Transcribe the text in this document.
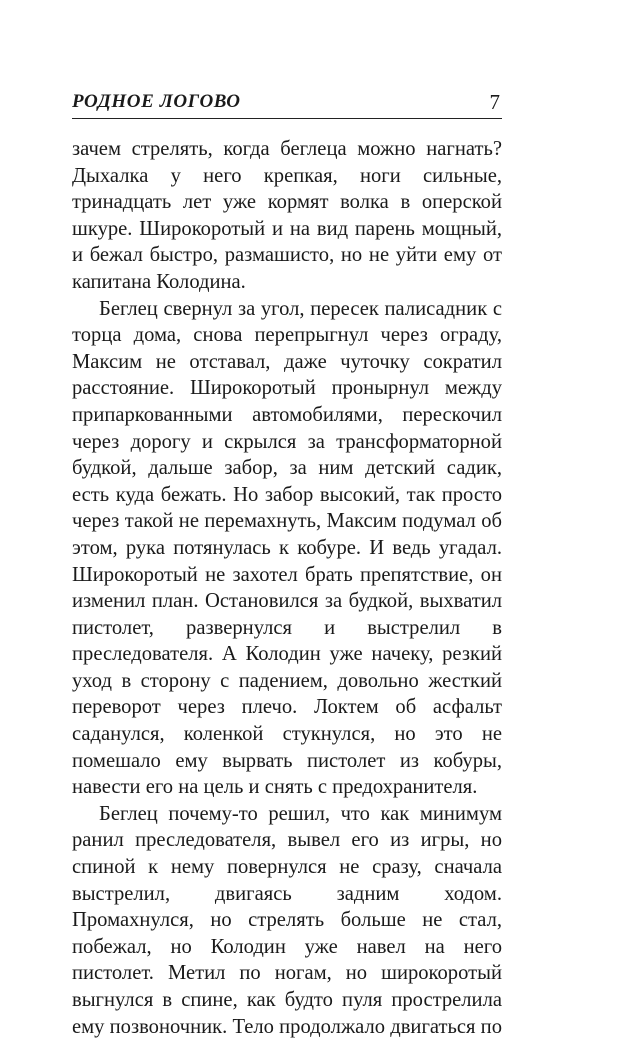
РОДНОЕ ЛОГОВО	7

зачем стрелять, когда беглеца можно нагнать? Дыхалка у него крепкая, ноги сильные, тринадцать лет уже кормят волка в оперской шкуре. Широкоротый и на вид парень мощный, и бежал быстро, размашисто, но не уйти ему от капитана Колодина.

Беглец свернул за угол, пересек палисадник с торца дома, снова перепрыгнул через ограду, Максим не отставал, даже чуточку сократил расстояние. Широкоротый пронырнул между припаркованными автомобилями, перескочил через дорогу и скрылся за трансформаторной будкой, дальше забор, за ним детский садик, есть куда бежать. Но забор высокий, так просто через такой не перемахнуть, Максим подумал об этом, рука потянулась к кобуре. И ведь угадал. Широкоротый не захотел брать препятствие, он изменил план. Остановился за будкой, выхватил пистолет, развернулся и выстрелил в преследователя. А Колодин уже начеку, резкий уход в сторону с падением, довольно жесткий переворот через плечо. Локтем об асфальт саданулся, коленкой стукнулся, но это не помешало ему вырвать пистолет из кобуры, навести его на цель и снять с предохранителя.

Беглец почему-то решил, что как минимум ранил преследователя, вывел его из игры, но спиной к нему повернулся не сразу, сначала выстрелил, двигаясь задним ходом. Промахнулся, но стрелять больше не стал, побежал, но Колодин уже навел на него пистолет. Метил по ногам, но широкоротый выгнулся в спине, как будто пуля прострелила ему позвоночник. Тело продолжало двигаться по
